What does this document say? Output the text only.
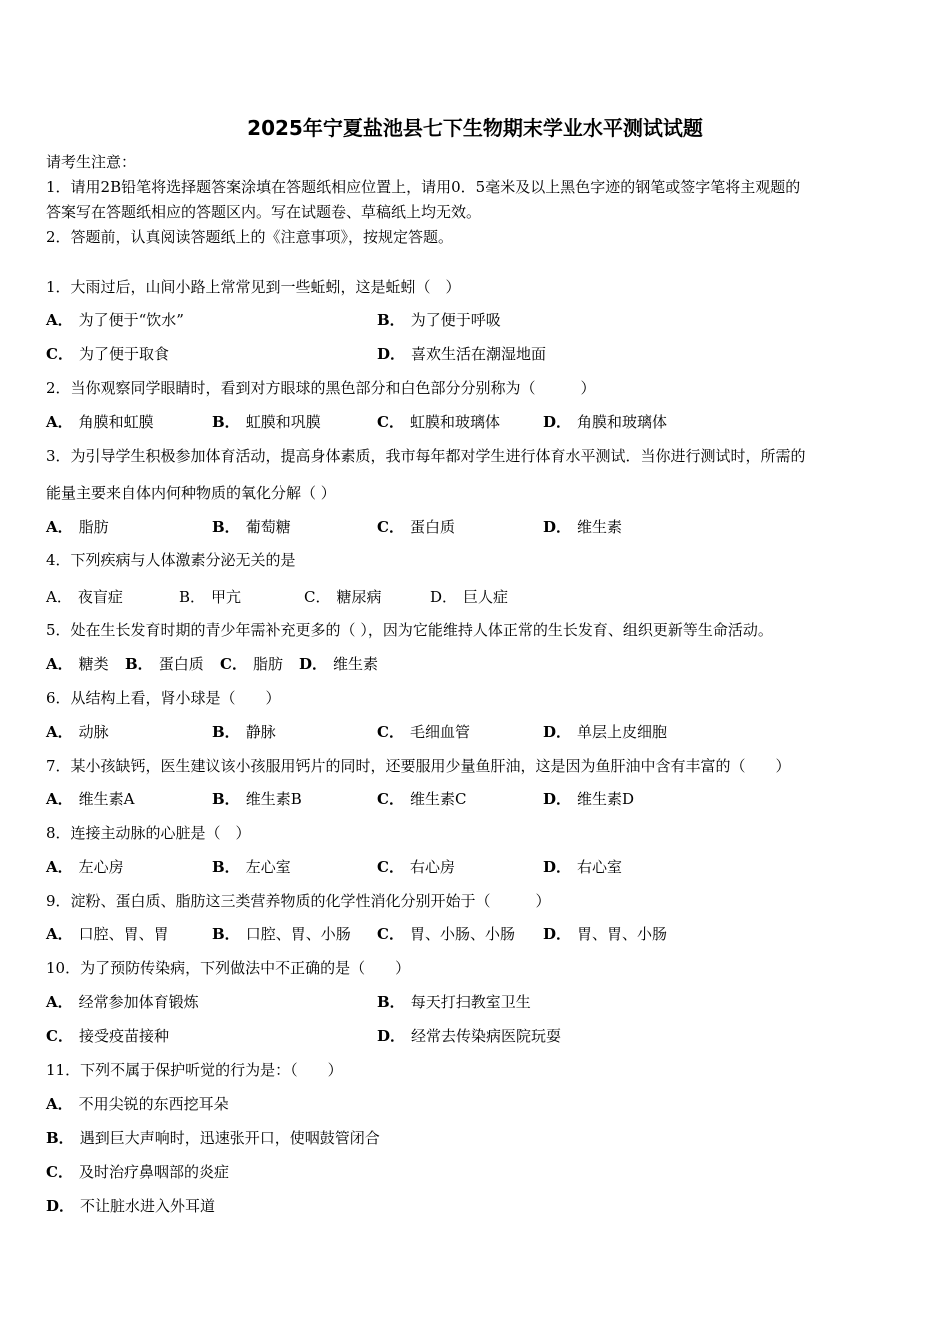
2025年宁夏盐池县七下生物期末学业水平测试试题
请考生注意：
1．请用2B铅笔将选择题答案涂填在答题纸相应位置上，请用0．5毫米及以上黑色字迹的钢笔或签字笔将主观题的
答案写在答题纸相应的答题区内。写在试题卷、草稿纸上均无效。
2．答题前，认真阅读答题纸上的《注意事项》，按规定答题。
1．大雨过后，山间小路上常常见到一些蚯蚓，这是蚯蚓（　）
A． 为了便于“饮水”	B． 为了便于呼吸
C． 为了便于取食	D． 喜欢生活在潮湿地面
2．当你观察同学眼睛时，看到对方眼球的黑色部分和白色部分分别称为（　　　）
A． 角膜和虹膜	B． 虹膜和巩膜	C． 虹膜和玻璃体	D． 角膜和玻璃体
3．为引导学生积极参加体育活动，提高身体素质，我市每年都对学生进行体育水平测试．当你进行测试时，所需的
能量主要来自体内何种物质的氧化分解（ ）
A． 脂肪	B． 葡萄糖	C． 蛋白质	D． 维生素
4．下列疾病与人体激素分泌无关的是
A． 夜盲症	B． 甲亢	C． 糖尿病	D． 巨人症
5．处在生长发育时期的青少年需补充更多的（ ），因为它能维持人体正常的生长发育、组织更新等生命活动。
A． 糖类 B． 蛋白质 C． 脂肪 D． 维生素
6．从结构上看，肾小球是（　　）
A． 动脉	B． 静脉	C． 毛细血管	D． 单层上皮细胞
7．某小孩缺钙，医生建议该小孩服用钙片的同时，还要服用少量鱼肝油，这是因为鱼肝油中含有丰富的（　　）
A． 维生素A	B． 维生素B	C． 维生素C	D． 维生素D
8．连接主动脉的心脏是（　）
A． 左心房	B． 左心室	C． 右心房	D． 右心室
9．淀粉、蛋白质、脂肪这三类营养物质的化学性消化分别开始于（　　　）
A． 口腔、胃、胃	B． 口腔、胃、小肠 C． 胃、小肠、小肠 D． 胃、胃、小肠
10．为了预防传染病，下列做法中不正确的是（　　）
A． 经常参加体育锻炼	B． 每天打扫教室卫生
C． 接受疫苗接种	D． 经常去传染病医院玩耍
11．下列不属于保护听觉的行为是：（　　）
A． 不用尖锐的东西挖耳朵
B． 遇到巨大声响时，迅速张开口，使咽鼓管闭合
C． 及时治疗鼻咽部的炎症
D． 不让脏水进入外耳道
